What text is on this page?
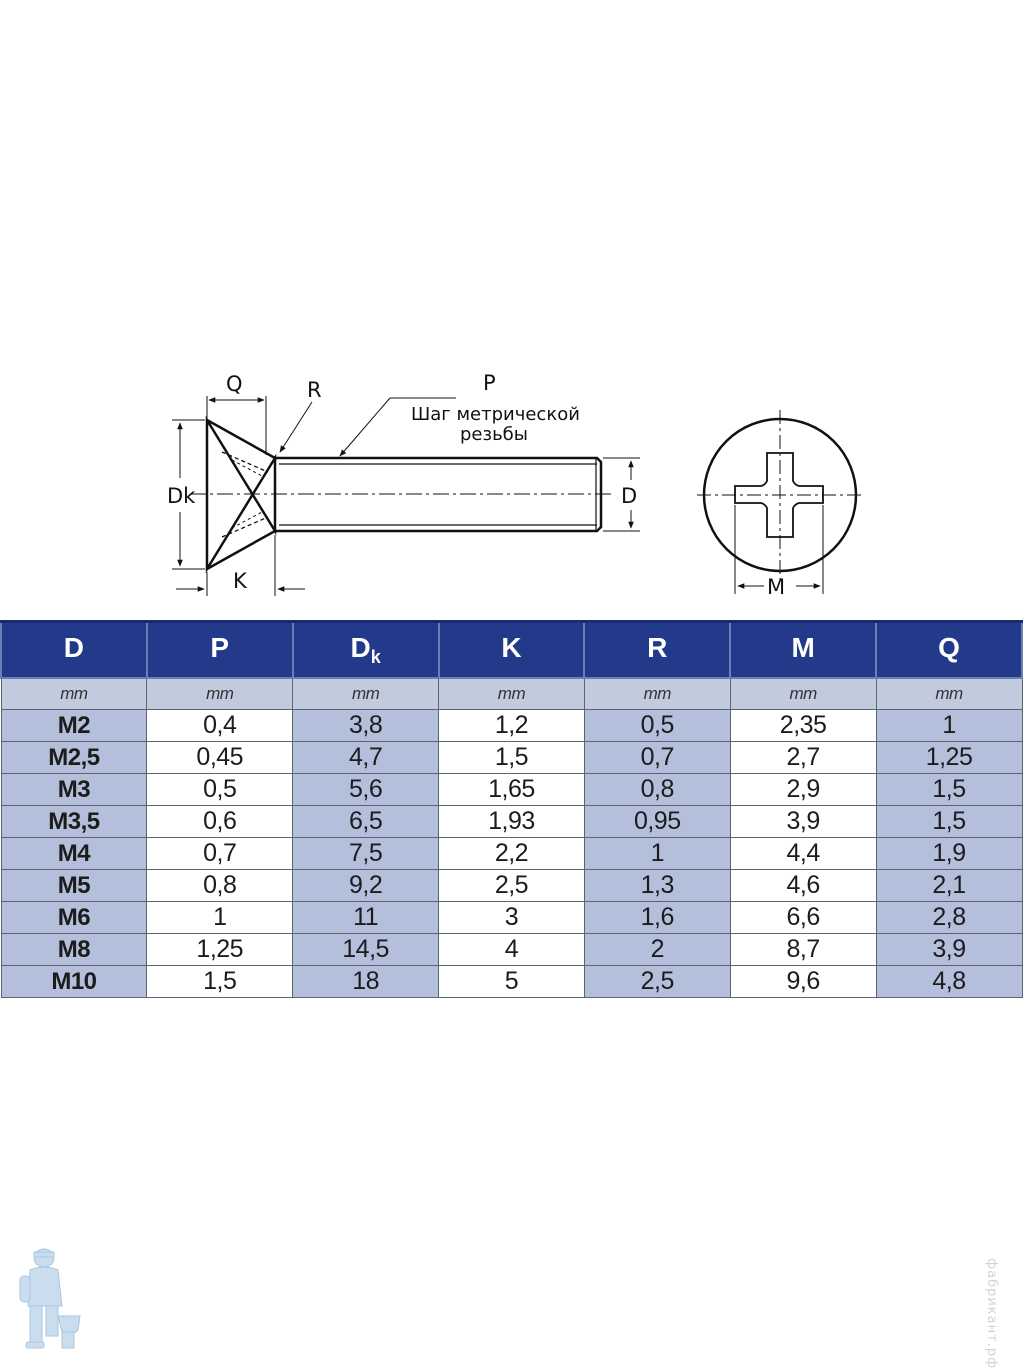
Q	R	P
Шаг метрической
резьбы
Dk	D
K	M
D	P	$D_k$	K	R	M	Q
mm	mm	mm	mm	mm	mm	mm
M2	0,4	3,8	1,2	0,5	2,35	1
M2,5	0,45	4,7	1,5	0,7	2,7	1,25
M3	0,5	5,6	1,65	0,8	2,9	1,5
M3,5	0,6	6,5	1,93	0,95	3,9	1,5
M4	0,7	7,5	2,2	1	4,4	1,9
M5	0,8	9,2	2,5	1,3	4,6	2,1
M6	1	11	3	1,6	6,6	2,8
M8	1,25	14,5	4	2	8,7	3,9
M10	1,5	18	5	2,5	9,6	4,8
фабрикант.рф
